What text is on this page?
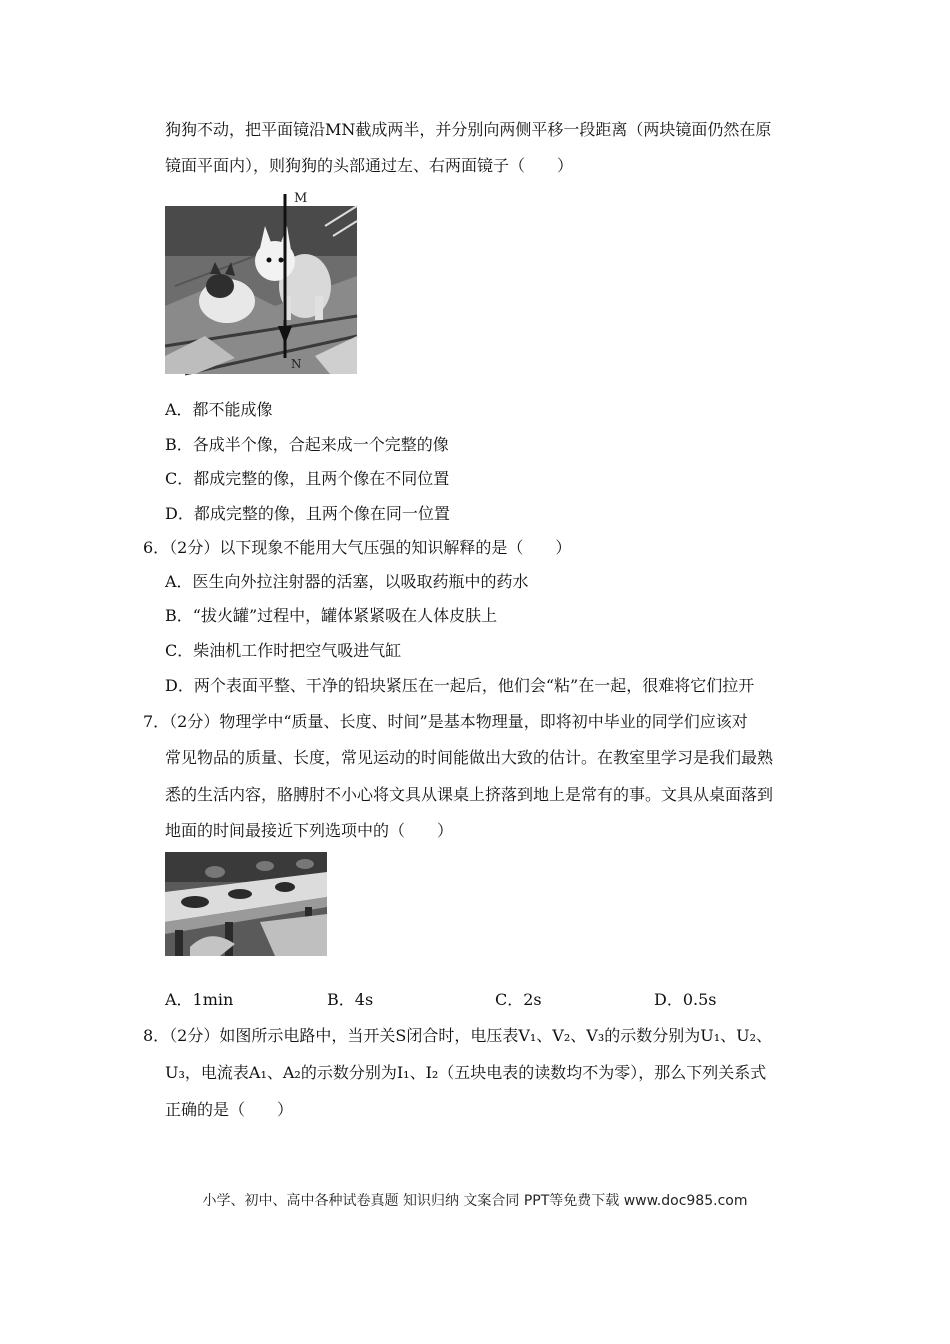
狗狗不动，把平面镜沿MN截成两半，并分别向两侧平移一段距离（两块镜面仍然在原
镜面平面内），则狗狗的头部通过左、右两面镜子（　　）
M
N
A．都不能成像
B．各成半个像，合起来成一个完整的像
C．都成完整的像，且两个像在不同位置
D．都成完整的像，且两个像在同一位置
6．（2分）以下现象不能用大气压强的知识解释的是（　　）
A．医生向外拉注射器的活塞，以吸取药瓶中的药水
B．“拔火罐”过程中，罐体紧紧吸在人体皮肤上
C．柴油机工作时把空气吸进气缸
D．两个表面平整、干净的铅块紧压在一起后，他们会“粘”在一起，很难将它们拉开
7．（2分）物理学中“质量、长度、时间”是基本物理量，即将初中毕业的同学们应该对
常见物品的质量、长度，常见运动的时间能做出大致的估计。在教室里学习是我们最熟
悉的生活内容，胳膊肘不小心将文具从课桌上挤落到地上是常有的事。文具从桌面落到
地面的时间最接近下列选项中的（　　）
A．1min	B．4s	C．2s	D．0.5s
8．（2分）如图所示电路中，当开关S闭合时，电压表V₁、V₂、V₃的示数分别为U₁、U₂、
U₃，电流表A₁、A₂的示数分别为I₁、I₂（五块电表的读数均不为零），那么下列关系式
正确的是（　　）
小学、初中、高中各种试卷真题 知识归纳 文案合同 PPT等免费下载 www.doc985.com
